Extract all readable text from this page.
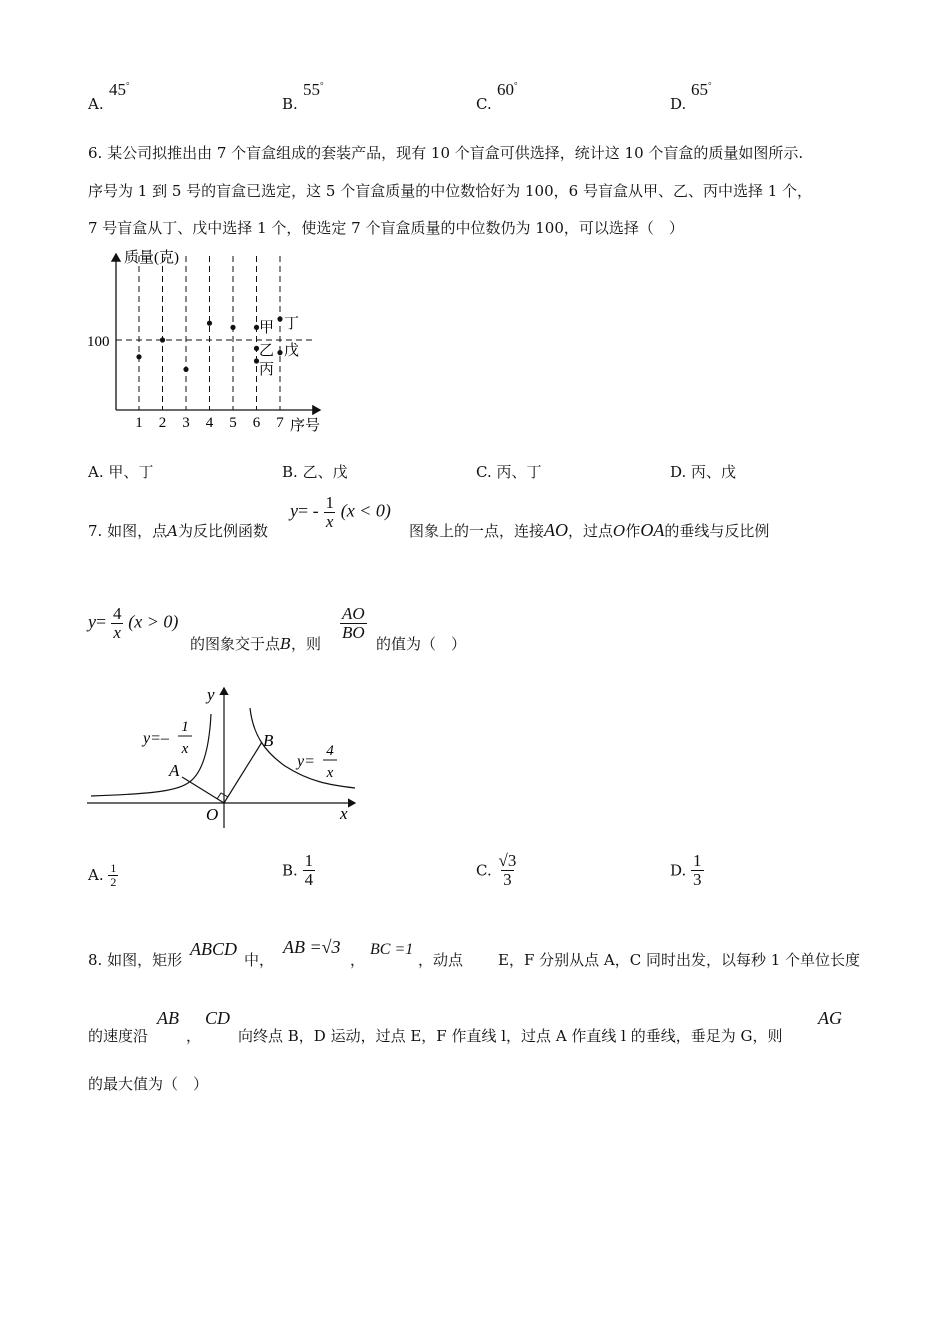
A.
45°
B.
55°
C.
60°
D.
65°
6. 某公司拟推出由 7 个盲盒组成的套装产品，现有 10 个盲盒可供选择，统计这 10 个盲盒的质量如图所示.
序号为 1 到 5 号的盲盒已选定，这 5 个盲盒质量的中位数恰好为 100，6 号盲盒从甲、乙、丙中选择 1 个，
7 号盲盒从丁、戊中选择 1 个，使选定 7 个盲盒质量的中位数仍为 100，可以选择（　）
质量(克)
序号
100
1 2 3 4 5 6 7
甲
乙
丙
丁
戊
A. 甲、丁	B. 乙、戊	C. 丙、丁	D. 丙、戊
7. 如图，点A为反比例函数
$y= - \frac{1}{x} (x < 0)$
图象上的一点，连接AO，过点O作OA的垂线与反比例
$y= \frac{4}{x} (x > 0)$
的图象交于点B，则
$\frac{AO}{BO}$
的值为（　）
y
x
O
A
B
y=–
1
x
y=
4
x
A. $\frac{1}{2}$	B. $\frac{1}{4}$	C. $\frac{√3}{3}$	D. $\frac{1}{3}$
8. 如图，矩形
ABCD
中，
AB =√3
，
BC =1
，动点 E，F 分别从点 A，C 同时出发，以每秒 1 个单位长度
的速度沿
AB
，
CD
向终点 B，D 运动，过点 E，F 作直线 l，过点 A 作直线 l 的垂线，垂足为 G，则
AG
的最大值为（　）
